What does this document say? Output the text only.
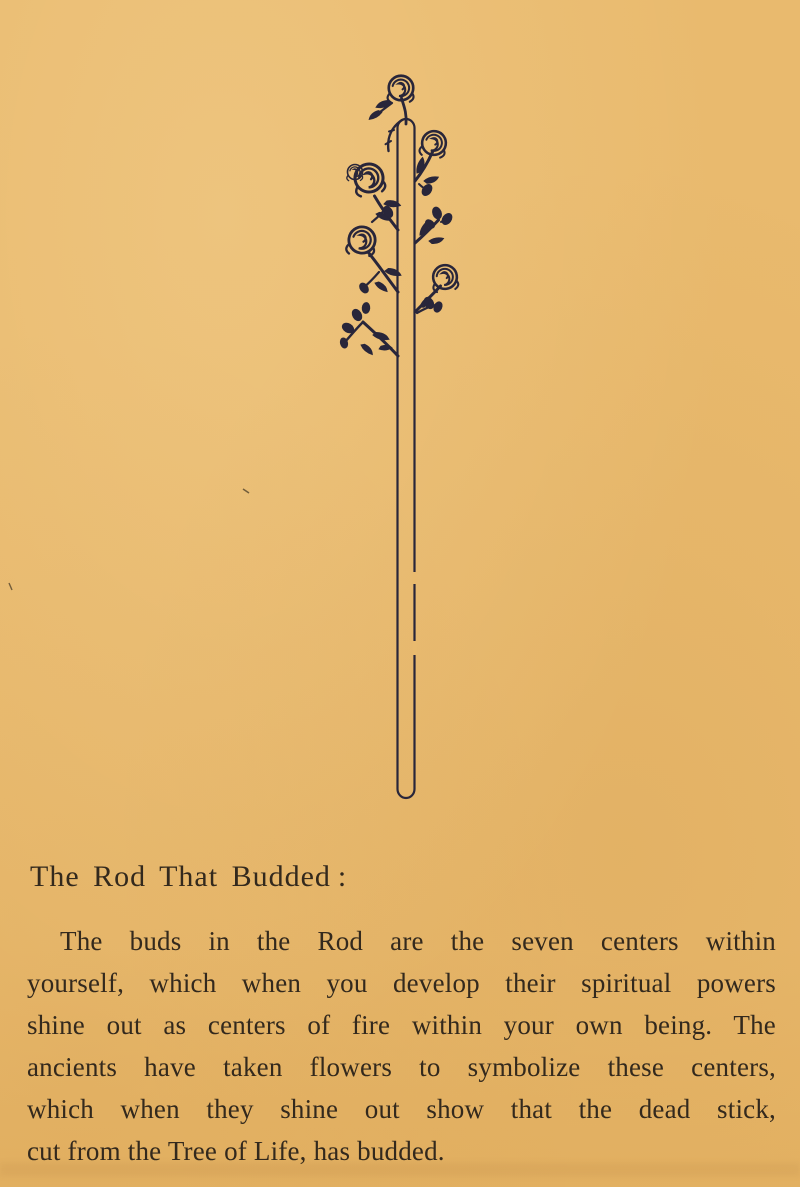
The Rod That Budded :
The buds in the Rod are the seven centers within
yourself, which when you develop their spiritual powers
shine out as centers of fire within your own being. The
ancients have taken flowers to symbolize these centers,
which when they shine out show that the dead stick,
cut from the Tree of Life, has budded.
